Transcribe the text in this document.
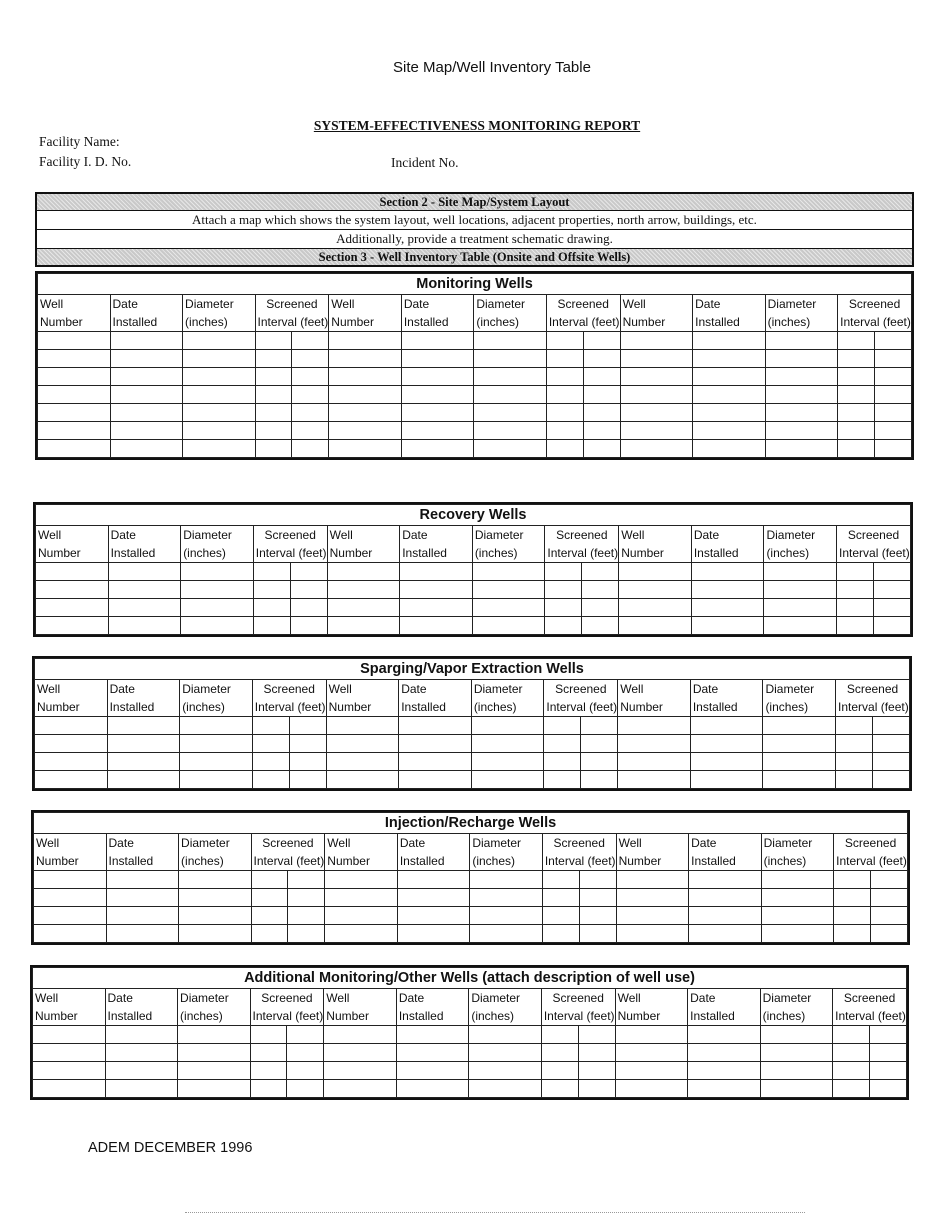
Site Map/Well Inventory Table
SYSTEM-EFFECTIVENESS MONITORING REPORT
Facility Name:
Facility I. D. No.	Incident No.
Section 2 - Site Map/System Layout
Attach a map which shows the system layout, well locations, adjacent properties, north arrow, buildings, etc.
Additionally, provide a treatment schematic drawing.
Section 3 - Well Inventory Table (Onsite and Offsite Wells)
Monitoring Wells														
Well	Date	Diameter	Screened		Well	Date	Diameter	Screened		Well	Date	Diameter	Screened	
Number	Installed	(inches)	Interval (feet)		Number	Installed	(inches)	Interval (feet)		Number	Installed	(inches)	Interval (feet)	

Recovery Wells														
Well	Date	Diameter	Screened		Well	Date	Diameter	Screened		Well	Date	Diameter	Screened	
Number	Installed	(inches)	Interval (feet)		Number	Installed	(inches)	Interval (feet)		Number	Installed	(inches)	Interval (feet)	

Sparging/Vapor Extraction Wells														
Well	Date	Diameter	Screened		Well	Date	Diameter	Screened		Well	Date	Diameter	Screened	
Number	Installed	(inches)	Interval (feet)		Number	Installed	(inches)	Interval (feet)		Number	Installed	(inches)	Interval (feet)	

Injection/Recharge Wells														
Well	Date	Diameter	Screened		Well	Date	Diameter	Screened		Well	Date	Diameter	Screened	
Number	Installed	(inches)	Interval (feet)		Number	Installed	(inches)	Interval (feet)		Number	Installed	(inches)	Interval (feet)	

Additional Monitoring/Other Wells (attach description of well use)														
Well	Date	Diameter	Screened		Well	Date	Diameter	Screened		Well	Date	Diameter	Screened	
Number	Installed	(inches)	Interval (feet)		Number	Installed	(inches)	Interval (feet)		Number	Installed	(inches)	Interval (feet)	

ADEM DECEMBER 1996
